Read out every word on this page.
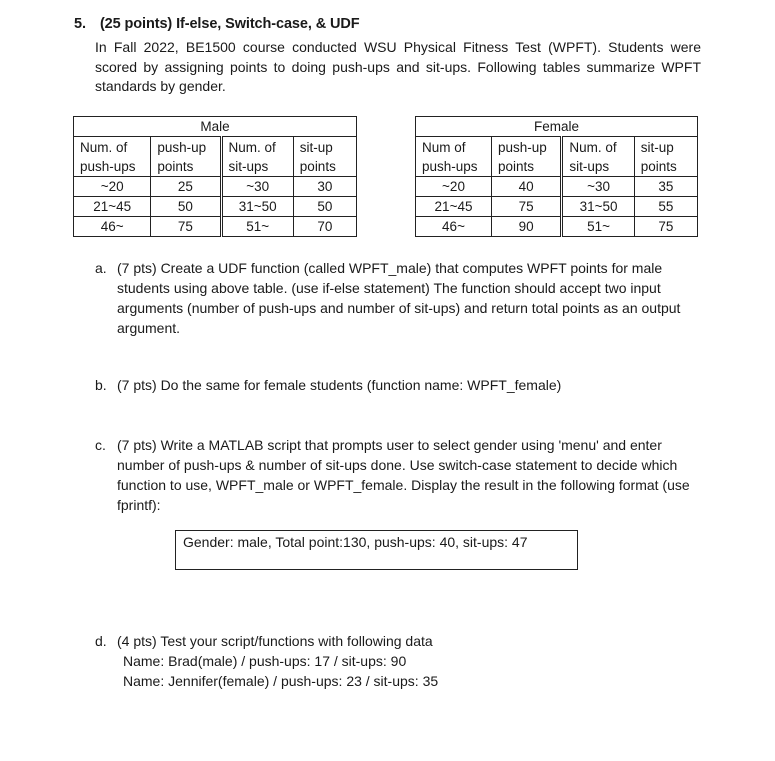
5. (25 points) If-else, Switch-case, & UDF
In Fall 2022, BE1500 course conducted WSU Physical Fitness Test (WPFT). Students were scored by assigning points to doing push-ups and sit-ups. Following tables summarize WPFT standards by gender.
Male			
Num. of push-ups	push-up points	Num. of sit-ups	sit-up points
~20	25	~30	30
21~45	50	31~50	50
46~	75	51~	70
Female			
Num of push-ups	push-up points	Num. of sit-ups	sit-up points
~20	40	~30	35
21~45	75	31~50	55
46~	90	51~	75
a. (7 pts) Create a UDF function (called WPFT_male) that computes WPFT points for male students using above table. (use if-else statement) The function should accept two input arguments (number of push-ups and number of sit-ups) and return total points as an output argument.
b. (7 pts) Do the same for female students (function name: WPFT_female)
c. (7 pts) Write a MATLAB script that prompts user to select gender using 'menu' and enter number of push-ups & number of sit-ups done. Use switch-case statement to decide which function to use, WPFT_male or WPFT_female. Display the result in the following format (use fprintf):
Gender: male, Total point:130, push-ups: 40, sit-ups: 47
d. (4 pts) Test your script/functions with following data
Name: Brad(male) / push-ups: 17 / sit-ups: 90
Name: Jennifer(female) / push-ups: 23 / sit-ups: 35
